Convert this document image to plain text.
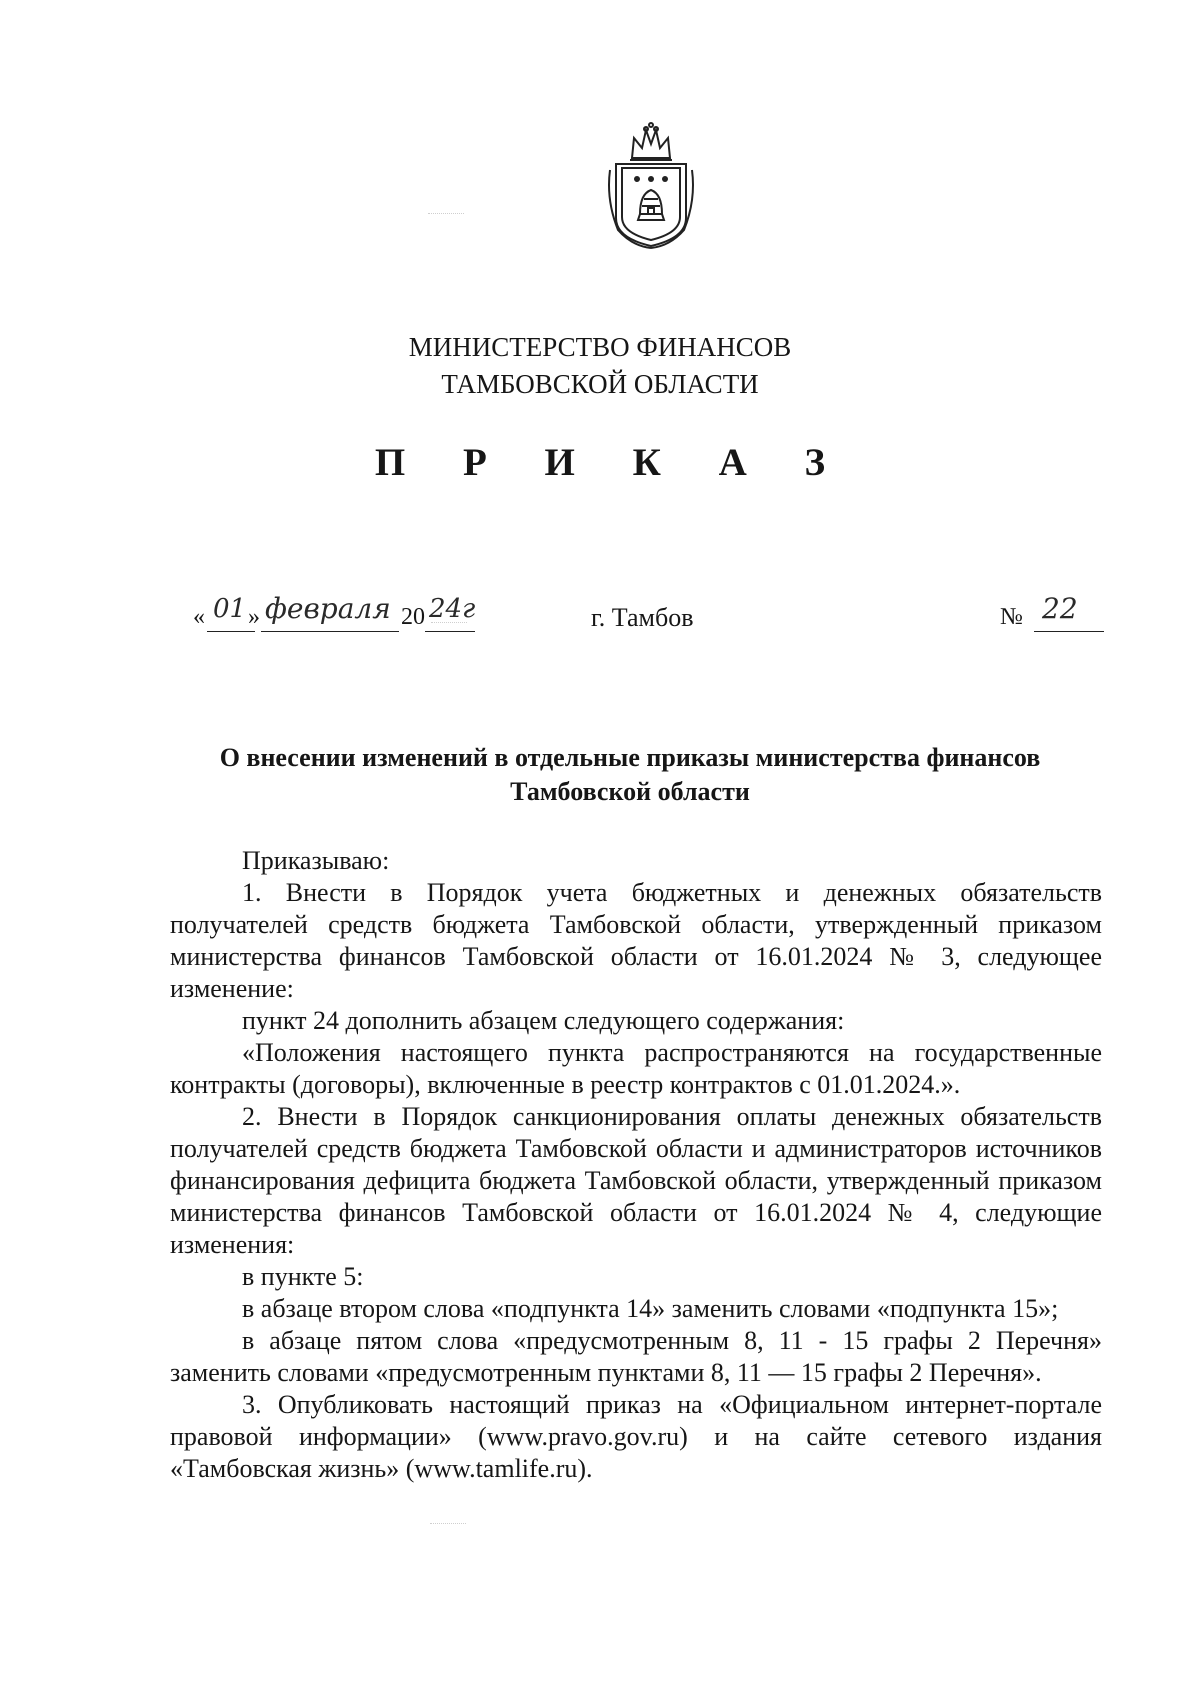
МИНИСТЕРСТВО ФИНАНСОВ
ТАМБОВСКОЙ ОБЛАСТИ
П Р И К А З
« 01 » февраля 20 24г	г. Тамбов	№ 22
О внесении изменений в отдельные приказы министерства финансов
Тамбовской области

Приказываю:

1. Внести в Порядок учета бюджетных и денежных обязательств получателей средств бюджета Тамбовской области, утвержденный приказом министерства финансов Тамбовской области от 16.01.2024 № 3, следующее изменение:

пункт 24 дополнить абзацем следующего содержания:

«Положения настоящего пункта распространяются на государственные контракты (договоры), включенные в реестр контрактов с 01.01.2024.».

2. Внести в Порядок санкционирования оплаты денежных обязательств получателей средств бюджета Тамбовской области и администраторов источников финансирования дефицита бюджета Тамбовской области, утвержденный приказом министерства финансов Тамбовской области от 16.01.2024 № 4, следующие изменения:

в пункте 5:

в абзаце втором слова «подпункта 14» заменить словами «подпункта 15»;

в абзаце пятом слова «предусмотренным 8, 11 - 15 графы 2 Перечня» заменить словами «предусмотренным пунктами 8, 11 — 15 графы 2 Перечня».

3. Опубликовать настоящий приказ на «Официальном интернет-портале правовой информации» (www.pravo.gov.ru) и на сайте сетевого издания «Тамбовская жизнь» (www.tamlife.ru).
